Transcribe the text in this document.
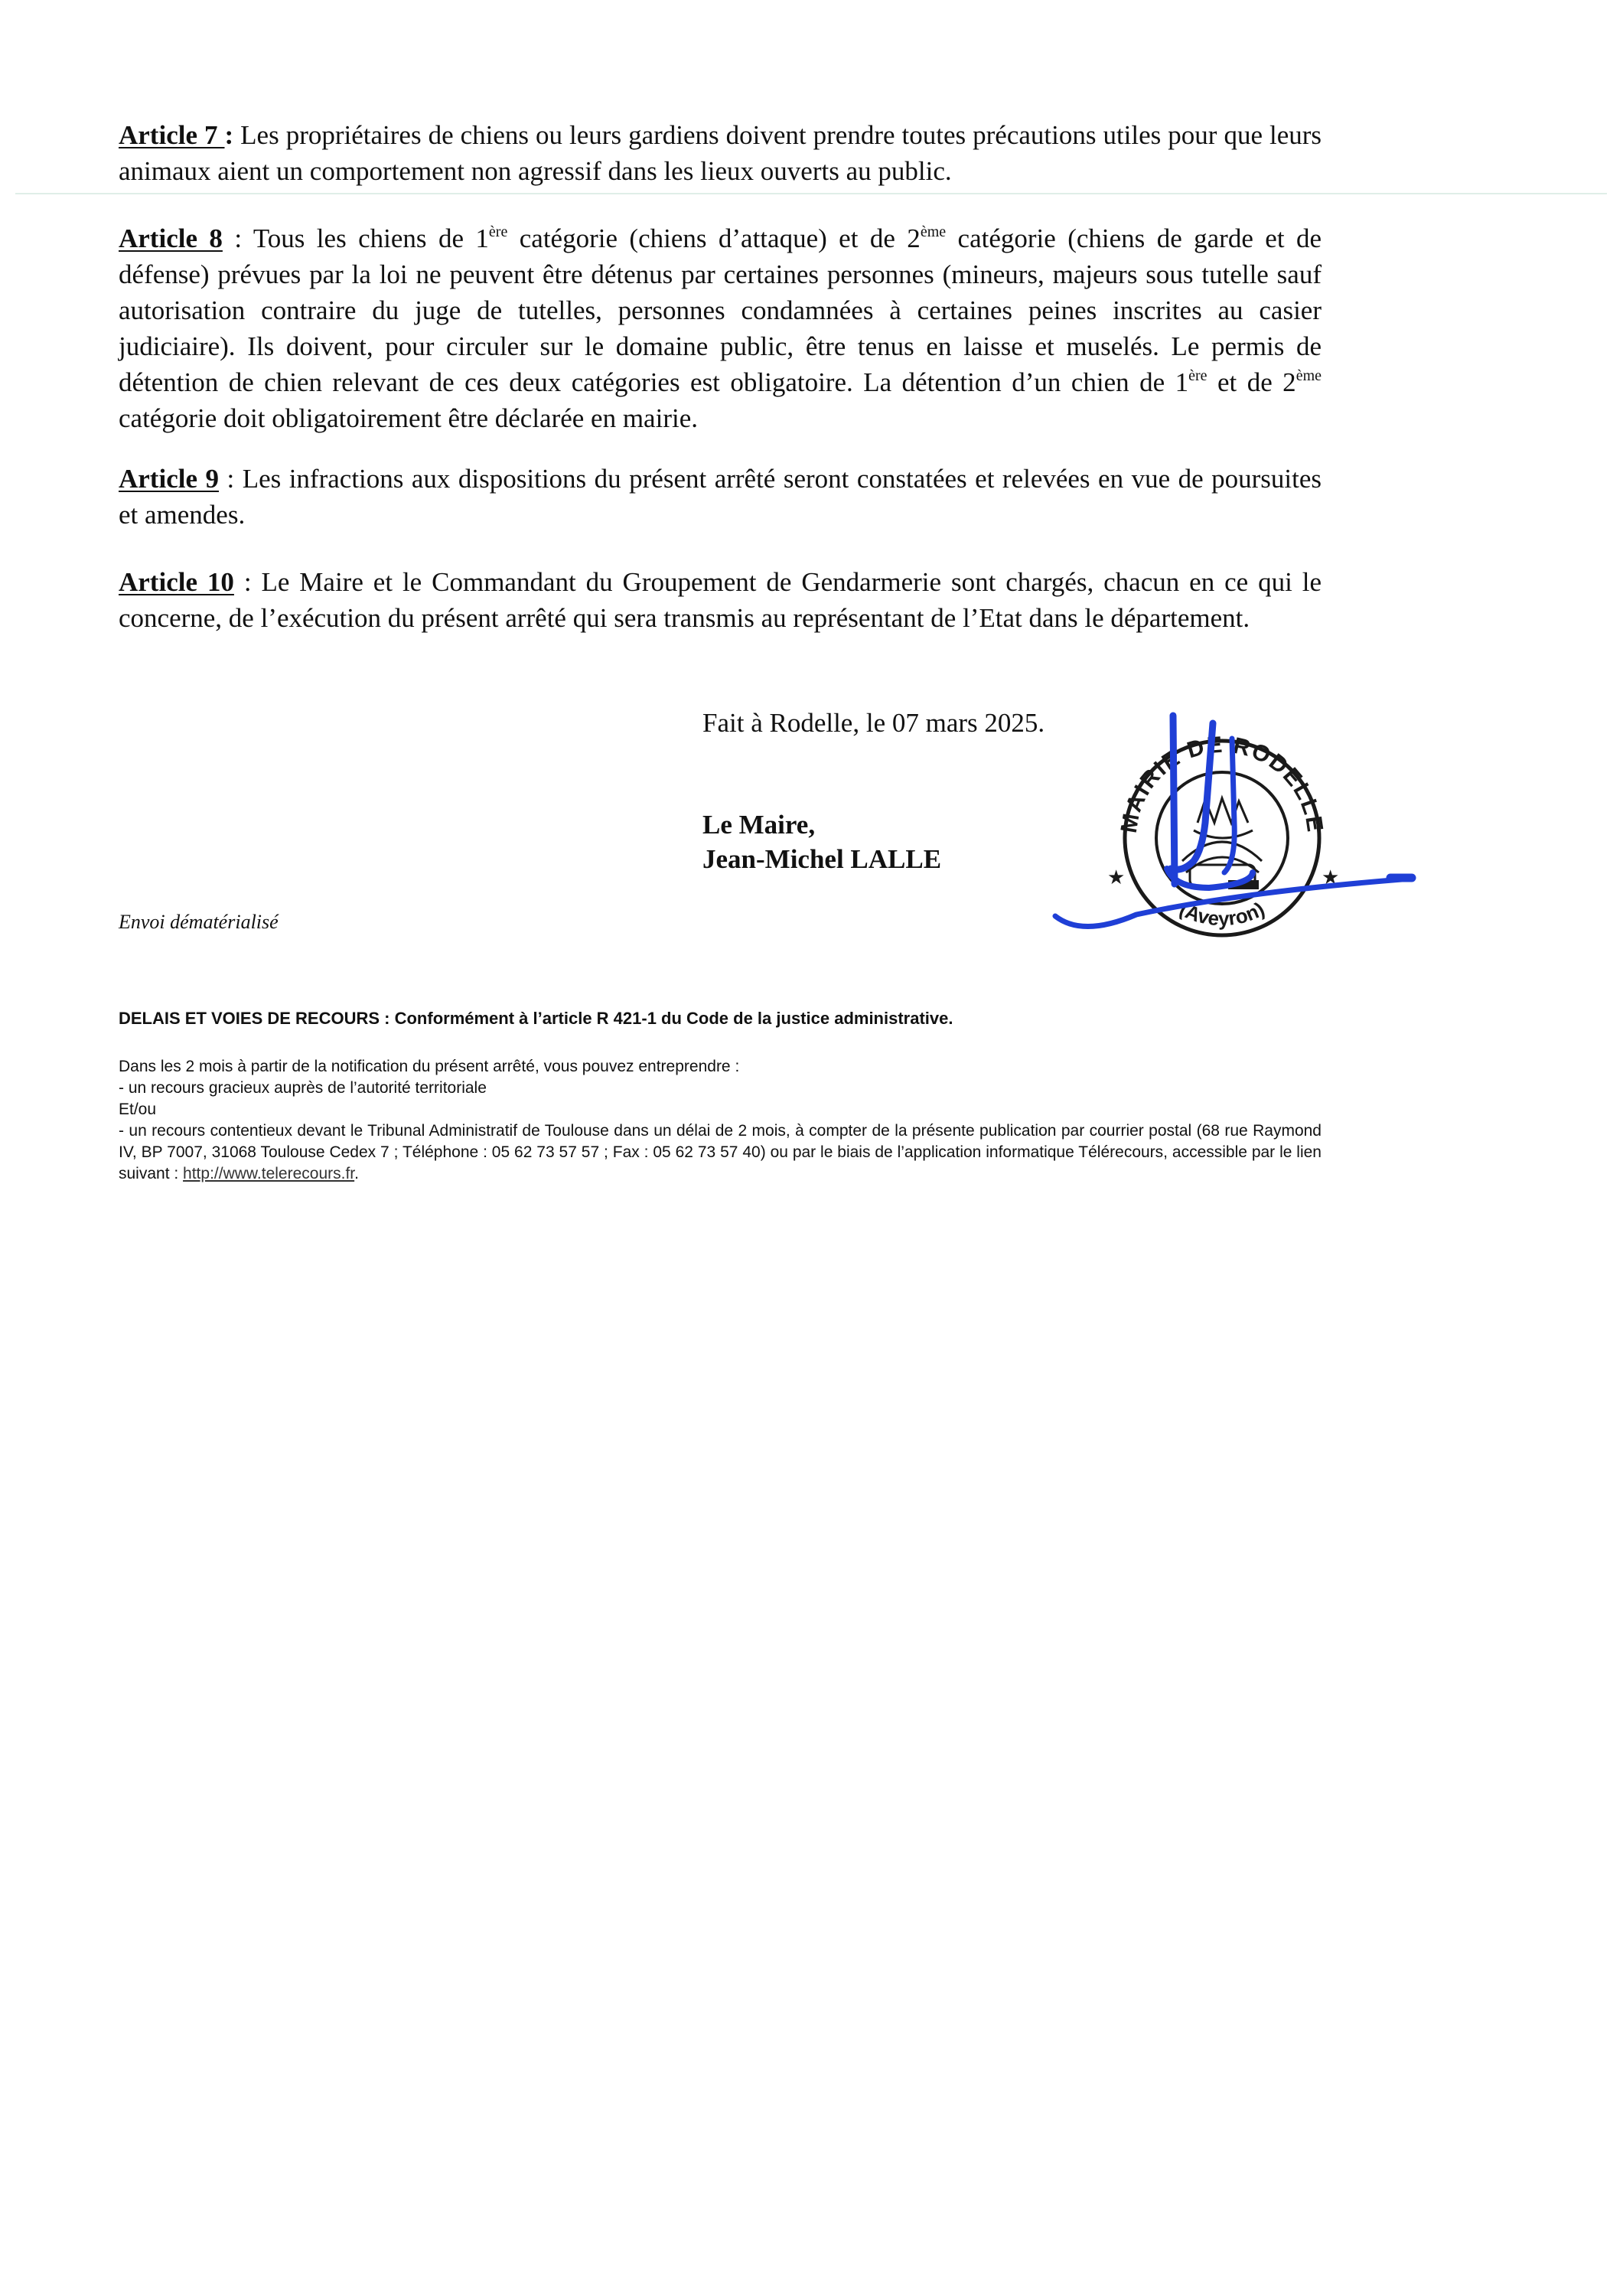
Article 7 : Les propriétaires de chiens ou leurs gardiens doivent prendre toutes précautions utiles pour que leurs animaux aient un comportement non agressif dans les lieux ouverts au public.

Article 8 : Tous les chiens de 1ère catégorie (chiens d’attaque) et de 2ème catégorie (chiens de garde et de défense) prévues par la loi ne peuvent être détenus par certaines personnes (mineurs, majeurs sous tutelle sauf autorisation contraire du juge de tutelles, personnes condamnées à certaines peines inscrites au casier judiciaire). Ils doivent, pour circuler sur le domaine public, être tenus en laisse et muselés. Le permis de détention de chien relevant de ces deux catégories est obligatoire. La détention d’un chien de 1ère et de 2ème catégorie doit obligatoirement être déclarée en mairie.

Article 9 : Les infractions aux dispositions du présent arrêté seront constatées et relevées en vue de poursuites et amendes.

Article 10 : Le Maire et le Commandant du Groupement de Gendarmerie sont chargés, chacun en ce qui le concerne, de l’exécution du présent arrêté qui sera transmis au représentant de l’Etat dans le département.

Fait à Rodelle, le 07 mars 2025.
Le Maire,
Jean-Michel LALLE
Envoi dématérialisé
MAIRIE DE RODELLE
(Aveyron)
★	★
DELAIS ET VOIES DE RECOURS : Conformément à l’article R 421-1 du Code de la justice administrative.

Dans les 2 mois à partir de la notification du présent arrêté, vous pouvez entreprendre :

- un recours gracieux auprès de l’autorité territoriale

Et/ou

- un recours contentieux devant le Tribunal Administratif de Toulouse dans un délai de 2 mois, à compter de la présente publication par courrier postal (68 rue Raymond IV, BP 7007, 31068 Toulouse Cedex 7 ; Téléphone : 05 62 73 57 57 ; Fax : 05 62 73 57 40) ou par le biais de l’application informatique Télérecours, accessible par le lien suivant : http://www.telerecours.fr.
